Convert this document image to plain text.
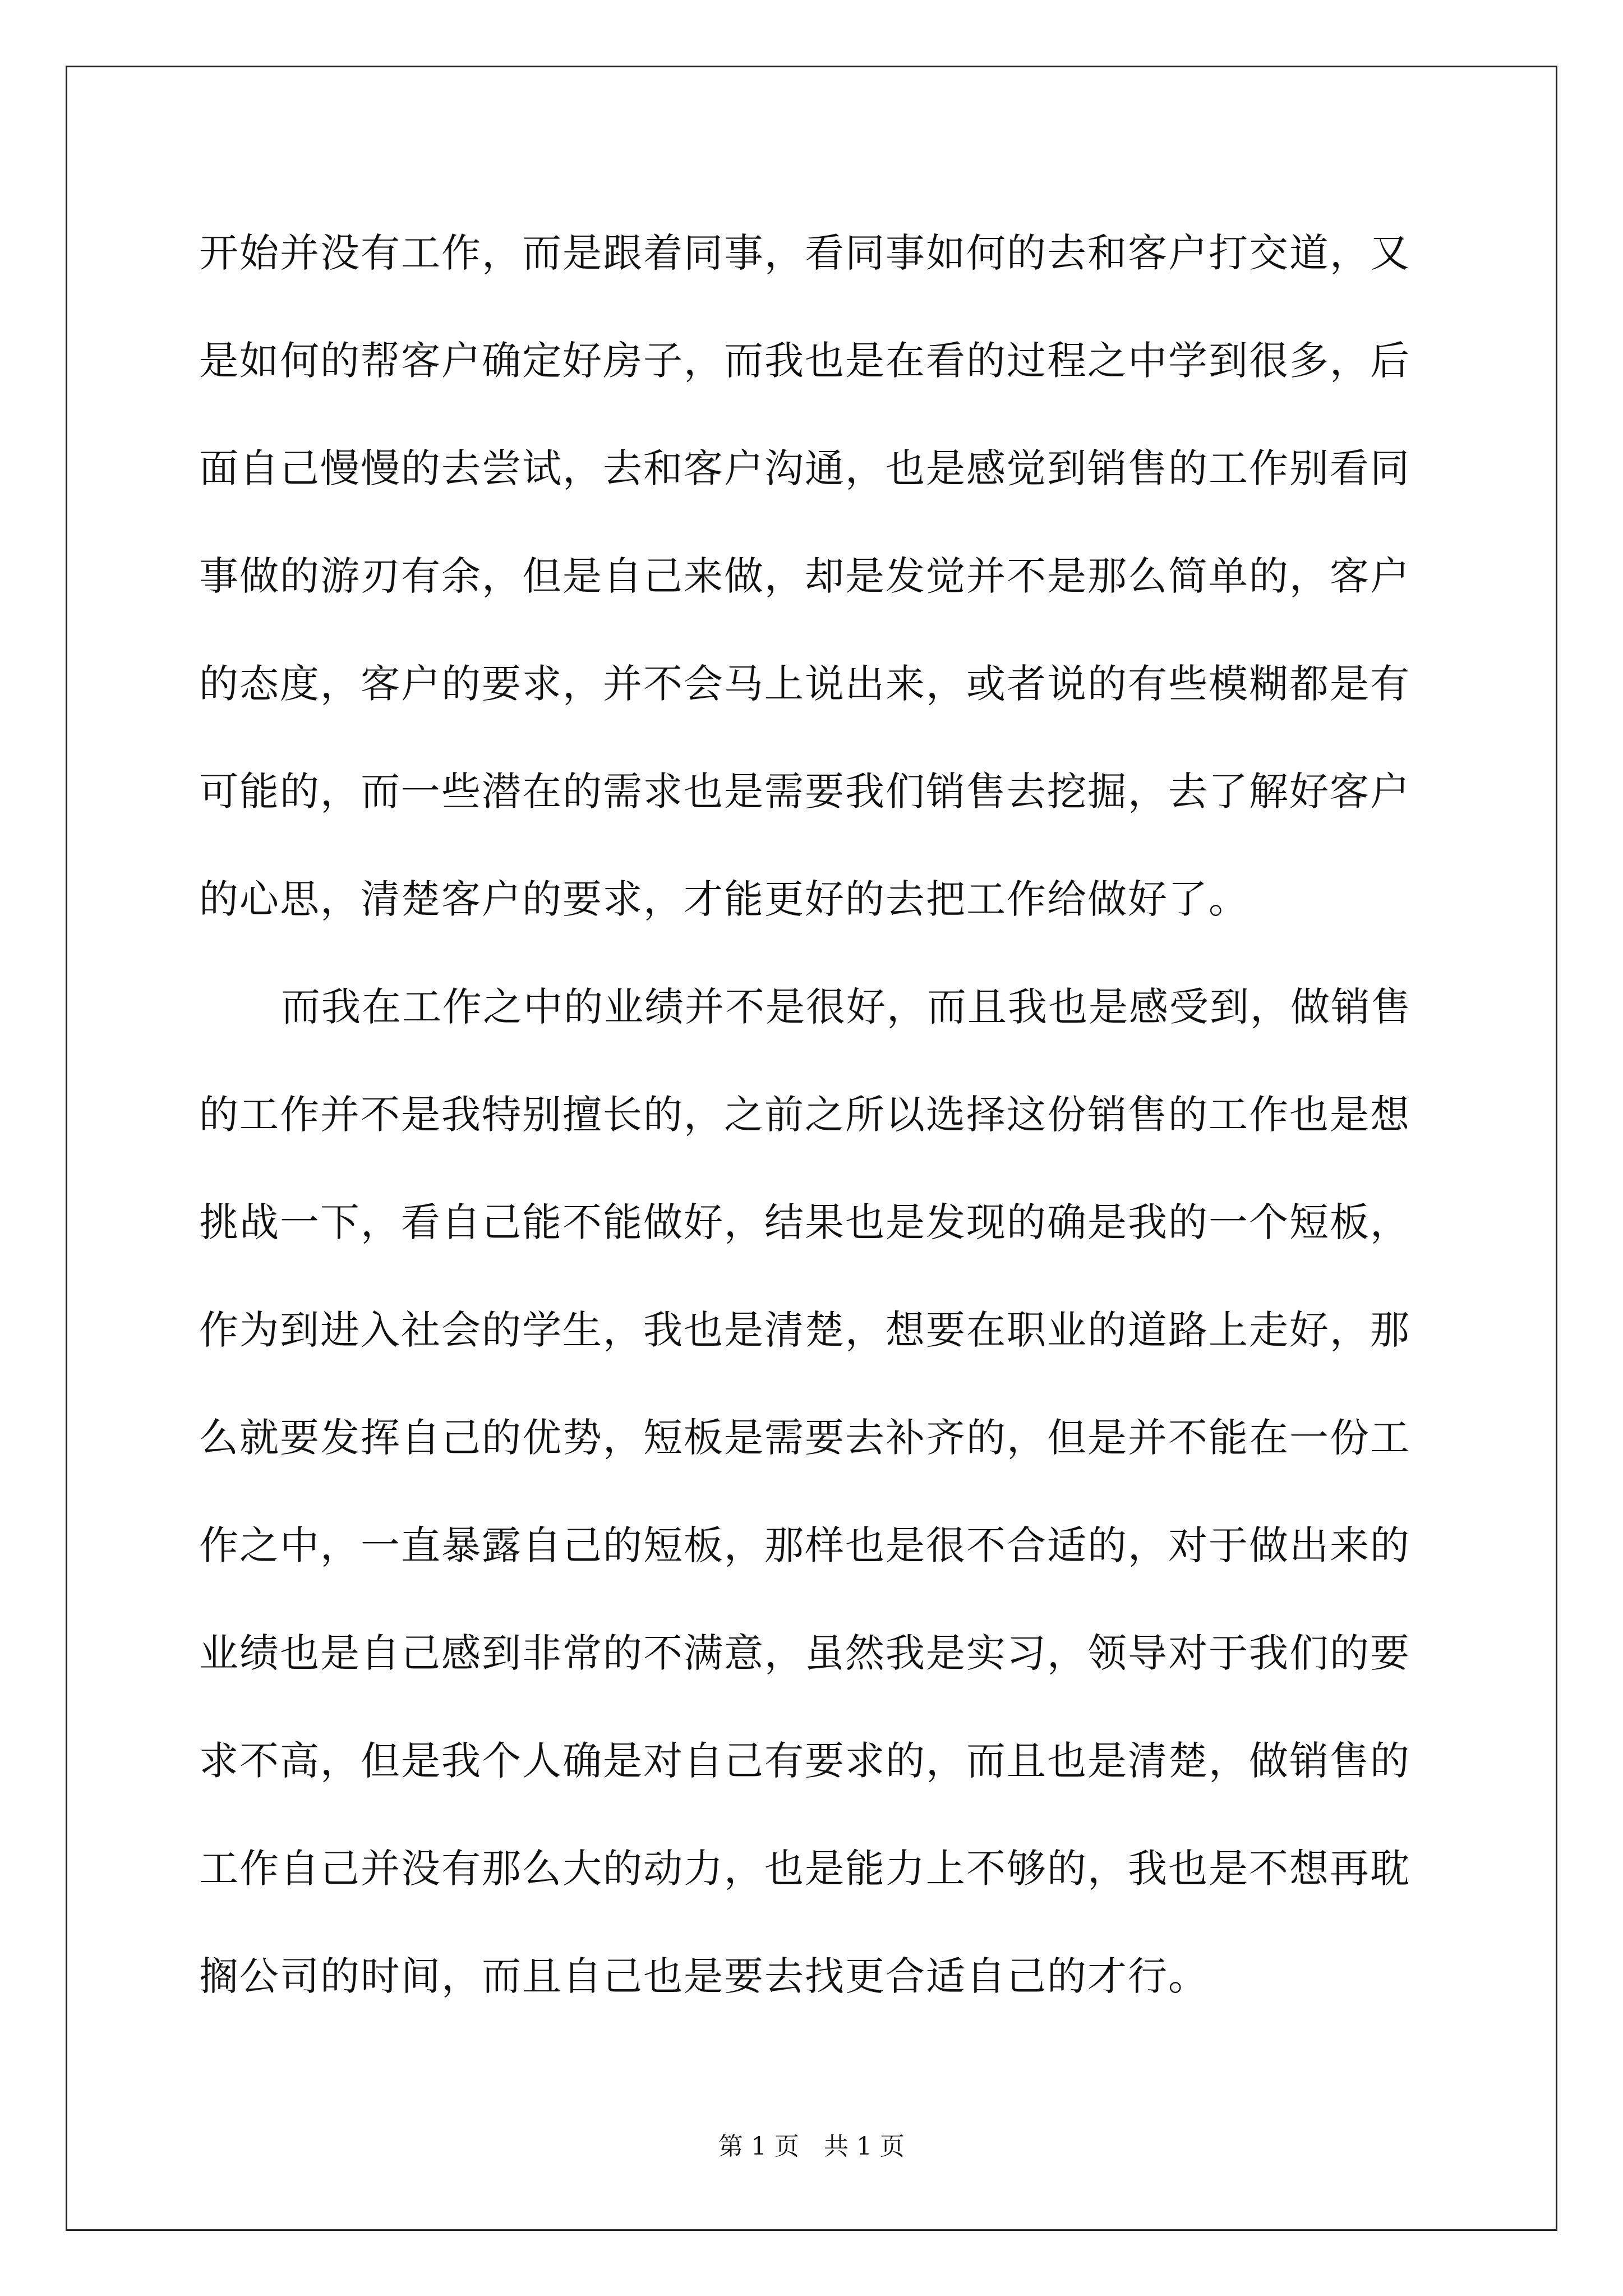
开始并没有工作，而是跟着同事，看同事如何的去和客户打交道，又
是如何的帮客户确定好房子，而我也是在看的过程之中学到很多，后
面自己慢慢的去尝试，去和客户沟通，也是感觉到销售的工作别看同
事做的游刃有余，但是自己来做，却是发觉并不是那么简单的，客户
的态度，客户的要求，并不会马上说出来，或者说的有些模糊都是有
可能的，而一些潜在的需求也是需要我们销售去挖掘，去了解好客户
的心思，清楚客户的要求，才能更好的去把工作给做好了。
而我在工作之中的业绩并不是很好，而且我也是感受到，做销售
的工作并不是我特别擅长的，之前之所以选择这份销售的工作也是想
挑战一下，看自己能不能做好，结果也是发现的确是我的一个短板，
作为到进入社会的学生，我也是清楚，想要在职业的道路上走好，那
么就要发挥自己的优势，短板是需要去补齐的，但是并不能在一份工
作之中，一直暴露自己的短板，那样也是很不合适的，对于做出来的
业绩也是自己感到非常的不满意，虽然我是实习，领导对于我们的要
求不高，但是我个人确是对自己有要求的，而且也是清楚，做销售的
工作自己并没有那么大的动力，也是能力上不够的，我也是不想再耽
搁公司的时间，而且自己也是要去找更合适自己的才行。
第 1 页　共 1 页
